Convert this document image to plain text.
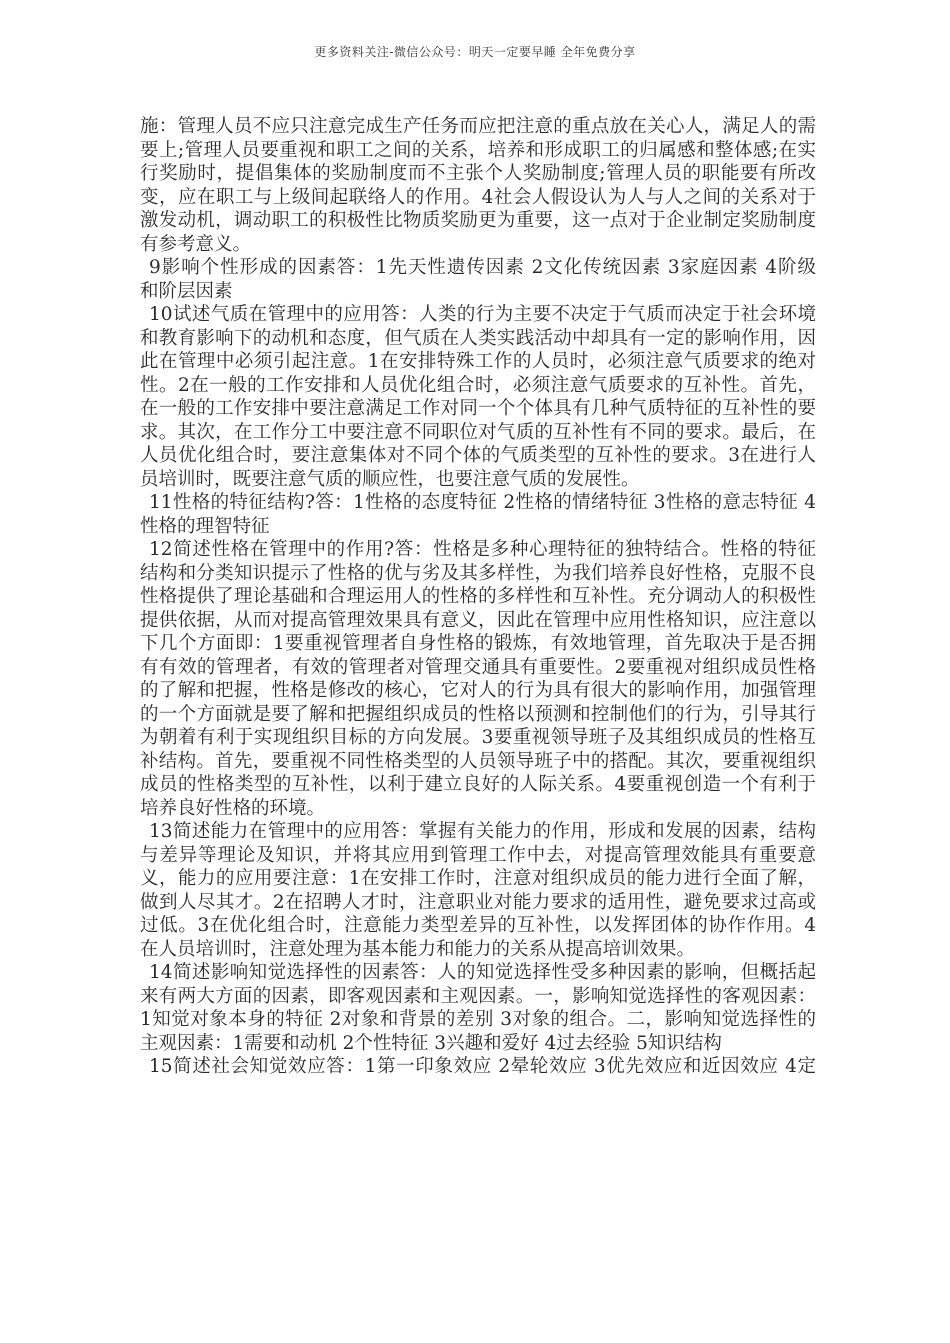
更多资料关注-微信公众号：明天一定要早睡 全年免费分享
施：管理人员不应只注意完成生产任务而应把注意的重点放在关心人，满足人的需
要上;管理人员要重视和职工之间的关系，培养和形成职工的归属感和整体感;在实
行奖励时，提倡集体的奖励制度而不主张个人奖励制度;管理人员的职能要有所改
变，应在职工与上级间起联络人的作用。4社会人假设认为人与人之间的关系对于
激发动机，调动职工的积极性比物质奖励更为重要，这一点对于企业制定奖励制度
有参考意义。
9影响个性形成的因素答：1先天性遗传因素 2文化传统因素 3家庭因素 4阶级
和阶层因素
10试述气质在管理中的应用答：人类的行为主要不决定于气质而决定于社会环境
和教育影响下的动机和态度，但气质在人类实践活动中却具有一定的影响作用，因
此在管理中必须引起注意。1在安排特殊工作的人员时，必须注意气质要求的绝对
性。2在一般的工作安排和人员优化组合时，必须注意气质要求的互补性。首先，
在一般的工作安排中要注意满足工作对同一个个体具有几种气质特征的互补性的要
求。其次，在工作分工中要注意不同职位对气质的互补性有不同的要求。最后，在
人员优化组合时，要注意集体对不同个体的气质类型的互补性的要求。3在进行人
员培训时，既要注意气质的顺应性，也要注意气质的发展性。
11性格的特征结构?答：1性格的态度特征 2性格的情绪特征 3性格的意志特征 4
性格的理智特征
12简述性格在管理中的作用?答：性格是多种心理特征的独特结合。性格的特征
结构和分类知识提示了性格的优与劣及其多样性，为我们培养良好性格，克服不良
性格提供了理论基础和合理运用人的性格的多样性和互补性。充分调动人的积极性
提供依据，从而对提高管理效果具有意义，因此在管理中应用性格知识，应注意以
下几个方面即：1要重视管理者自身性格的锻炼，有效地管理，首先取决于是否拥
有有效的管理者，有效的管理者对管理交通具有重要性。2要重视对组织成员性格
的了解和把握，性格是修改的核心，它对人的行为具有很大的影响作用，加强管理
的一个方面就是要了解和把握组织成员的性格以预测和控制他们的行为，引导其行
为朝着有利于实现组织目标的方向发展。3要重视领导班子及其组织成员的性格互
补结构。首先，要重视不同性格类型的人员领导班子中的搭配。其次，要重视组织
成员的性格类型的互补性，以利于建立良好的人际关系。4要重视创造一个有利于
培养良好性格的环境。
13简述能力在管理中的应用答：掌握有关能力的作用，形成和发展的因素，结构
与差异等理论及知识，并将其应用到管理工作中去，对提高管理效能具有重要意
义，能力的应用要注意：1在安排工作时，注意对组织成员的能力进行全面了解，
做到人尽其才。2在招聘人才时，注意职业对能力要求的适用性，避免要求过高或
过低。3在优化组合时，注意能力类型差异的互补性，以发挥团体的协作作用。4
在人员培训时，注意处理为基本能力和能力的关系从提高培训效果。
14简述影响知觉选择性的因素答：人的知觉选择性受多种因素的影响，但概括起
来有两大方面的因素，即客观因素和主观因素。一，影响知觉选择性的客观因素：
1知觉对象本身的特征 2对象和背景的差别 3对象的组合。二，影响知觉选择性的
主观因素：1需要和动机 2个性特征 3兴趣和爱好 4过去经验 5知识结构
15简述社会知觉效应答：1第一印象效应 2晕轮效应 3优先效应和近因效应 4定
